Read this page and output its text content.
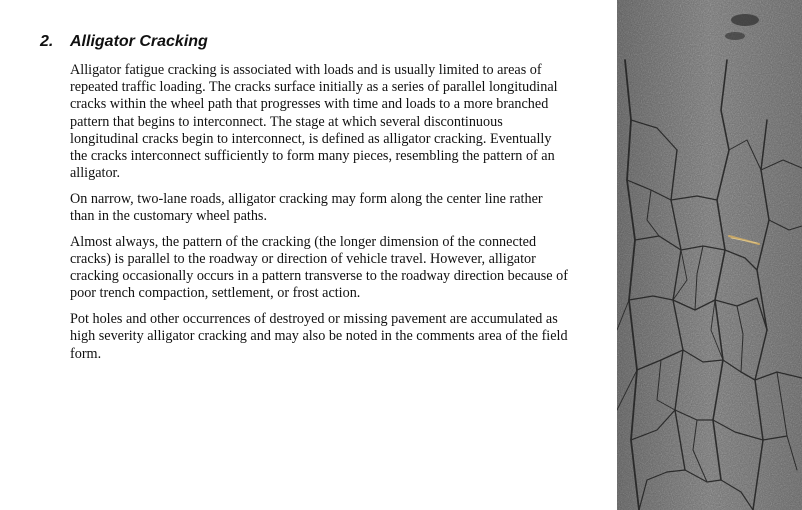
2. Alligator Cracking

Alligator fatigue cracking is associated with loads and is usually limited to areas of repeated traffic loading. The cracks surface initially as a series of parallel longitudinal cracks within the wheel path that progresses with time and loads to a more branched pattern that begins to interconnect. The stage at which several discontinuous longitudinal cracks begin to interconnect, is defined as alligator cracking. Eventually the cracks interconnect sufficiently to form many pieces, resembling the pattern of an alligator.

On narrow, two-lane roads, alligator cracking may form along the center line rather than in the customary wheel paths.

Almost always, the pattern of the cracking (the longer dimension of the connected cracks) is parallel to the roadway or direction of vehicle travel. However, alligator cracking occasionally occurs in a pattern transverse to the roadway direction because of poor trench compaction, settlement, or frost action.

Pot holes and other occurrences of destroyed or missing pavement are accumulated as high severity alligator cracking and may also be noted in the comments area of the field form.
